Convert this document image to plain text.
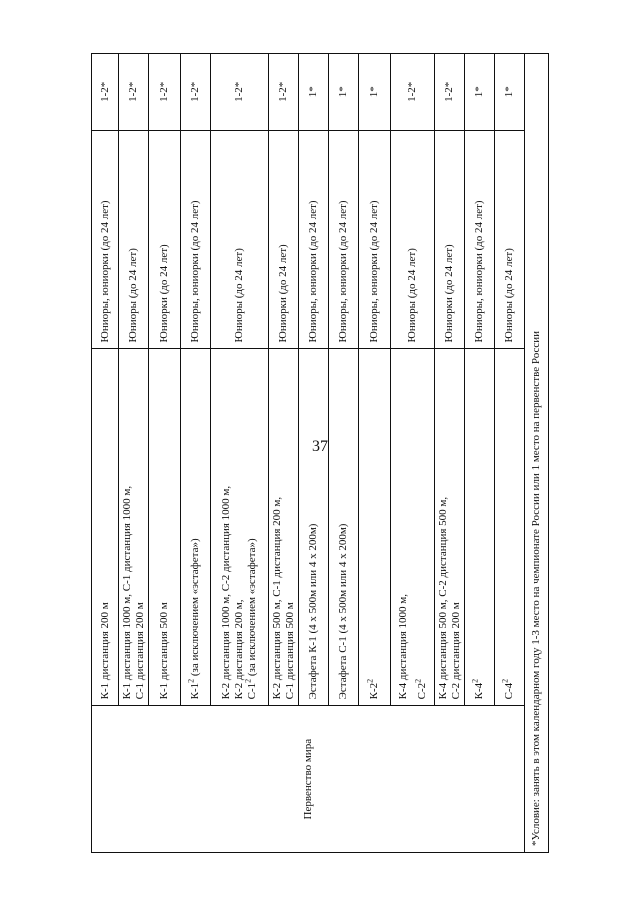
37
Первенство мира	К-1 дистанция 200 м	Юниоры, юниорки (до 24 лет)	1-2*

	К-1 дистанция 1000 м, С-1 дистанция 1000 м, С-1 дистанция 200 м	Юниоры (до 24 лет)	1-2*

	К-1 дистанция 500 м	Юниорки (до 24 лет)	1-2*
	$К-1^2$ (за исключением «эстафета»)	Юниоры, юниорки (до 24 лет)	1-2*

	К-2 дистанция 1000 м, С-2 дистанция 1000 м, К-2 дистанция 200 м, $С-1^2$ (за исключением «эстафета»)	Юниоры (до 24 лет)	1-2*

	К-2 дистанция 500 м, С-1 дистанция 200 м, С-1 дистанция 500 м	Юниорки (до 24 лет)	1-2*

	Эстафета К-1 (4 x 500м или 4 x 200м)	Юниоры, юниорки (до 24 лет)	1*

	Эстафета С-1 (4 x 500м или 4 x 200м)	Юниоры, юниорки (до 24 лет)	1*
	$К-2^2$	Юниоры, юниорки (до 24 лет)	1*

	К-4 дистанция 1000 м, $С-2^2$	Юниоры (до 24 лет)	1-2*

	К-4 дистанция 500 м, С-2 дистанция 500 м, С-2 дистанция 200 м	Юниорки (до 24 лет)	1-2*
	$К-4^2$	Юниоры, юниорки (до 24 лет)	1*
	$С-4^2$	Юниоры (до 24 лет)	1*
*Условие: занять в этом календарном году 1-3 место на чемпионате России или 1 место на первенстве России			
